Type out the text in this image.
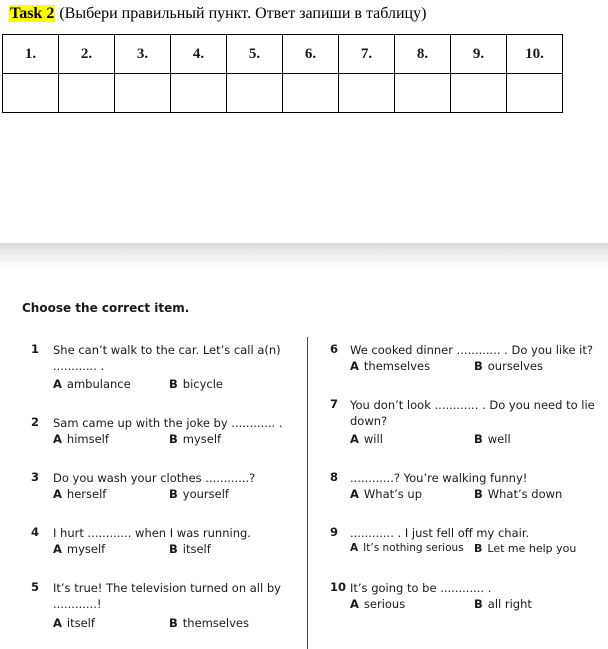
Task 2 (Выбери правильный пункт. Ответ запиши в таблицу)
1.	2.	3.	4.	5.	6.	7.	8.	9.	10.

Choose the correct item.
1 She can’t walk to the car. Let’s call a(n)
............ .
A ambulance	B bicycle
2 Sam came up with the joke by ............ .
A himself	B myself
3 Do you wash your clothes ............?
A herself	B yourself
4 I hurt ............ when I was running.
A myself	B itself
5 It’s true! The television turned on all by
............!
A itself	B themselves
6 We cooked dinner ............ . Do you like it?
A themselves	B ourselves
7 You don’t look ............ . Do you need to lie
down?
A will	B well
8 ............? You’re walking funny!
A What’s up	B What’s down
9 ............ . I just fell off my chair.
A It’s nothing serious B Let me help you
10 It’s going to be ............ .
A serious	B all right
